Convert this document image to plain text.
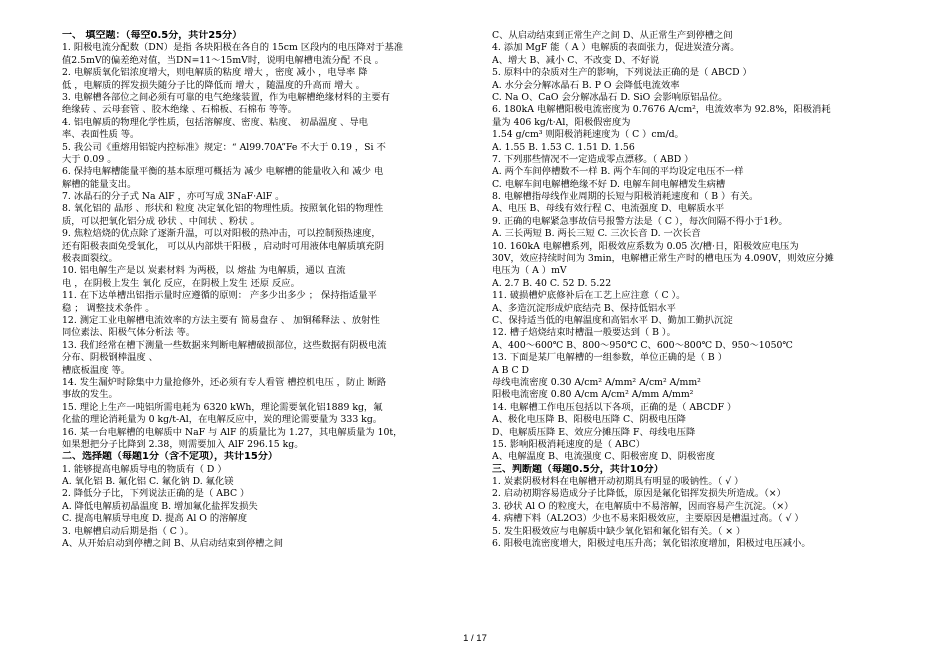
一、 填空题：（每空0.5分，共计25分）
1. 阳极电流分配数（DN）是指 各块阳极在各自的 15cm 区段内的电压降对于基准
值2.5mV的偏差绝对值，当DN=11～15mV时，说明电解槽电流分配 不良 。
2. 电解质氧化铝浓度增大，则电解质的粘度 增大 ，密度 减小 ，电导率 降
低 ，电解质的挥发损失随分子比的降低而 增大 ，随温度的升高而 增大 。
3. 电解槽各部位之间必须有可靠的电气绝缘装置，作为电解槽绝缘材料的主要有
绝缘砖 、云母套管 、胶木绝缘 、石棉板、石棉布 等等。
4. 铝电解质的物理化学性质，包括溶解度、密度、粘度、 初晶温度 、导电
率、表面性质 等。
5. 我公司《重熔用铝锭内控标准》规定：“ Al99.70A”Fe 不大于 0.19 ，Si 不
大于 0.09 。
6. 保持电解槽能量平衡的基本原理可概括为 减少 电解槽的能量收入和 减少 电
解槽的能量支出。
7. 冰晶石的分子式 Na AlF ，亦可写成 3NaF·AlF 。
8. 氧化铝的 晶形 、形状和 粒度 决定氧化铝的物理性质。按照氧化铝的物理性
质，可以把氧化铝分成 砂状 、中间状 、粉状 。
9. 焦粒焙烧的优点除了逐渐升温，可以对阳极的热冲击，可以控制预热速度，
还有阳极表面免受氧化， 可以从内部烘干阳极 ，启动时可用液体电解质填充阴
极表面裂纹。
10. 铝电解生产是以 炭素材料 为两极，以 熔盐 为电解质，通以 直流
电 ，在阴极上发生 氧化 反应，在阴极上发生 还原 反应。
11. 在下达单槽出铝指示量时应遵循的原则： 产多少出多少 ； 保持指适量平
稳 ； 调整技术条件 。
12. 测定工业电解槽电流效率的方法主要有 简易盘存 、 加铜稀释法 、放射性
同位素法、阳极气体分析法 等。
13. 我们经常在槽下测量一些数据来判断电解槽破损部位，这些数据有阴极电流
分布、阴极钢棒温度 、
槽底板温度 等。
14. 发生漏炉时除集中力量抢修外，还必须有专人看管 槽控机电压 ，防止 断路
事故的发生。
15. 理论上生产一吨铝所需电耗为 6320 kWh，理论需要氧化铝1889 kg，氟
化盐的理论消耗量为 0 kg/t-Al，在电解反应中，炭的理论需要量为 333 kg。
16. 某一台电解槽的电解质中 NaF 与 AlF 的质量比为 1.27，其电解质量为 10t，
如果想把分子比降到 2.38，则需要加入 AlF 296.15 kg。
二、选择题（每题1分（含不定项），共计15分）
1. 能够提高电解质导电的物质有（ D ）
A. 氧化铝 B. 氟化铝 C. 氟化钠 D. 氟化镁
2. 降低分子比，下列说法正确的是（ ABC ）
A. 降低电解质初晶温度 B. 增加氟化盐挥发损失
C. 提高电解质导电度 D. 提高 Al O 的溶解度
3. 电解槽启动后期是指（ C ）。
A、从开始启动到停槽之间 B、从启动结束到停槽之间
C、从启动结束到正常生产之间 D、从正常生产到停槽之间
4. 添加 MgF 能（ A ）电解质的表面张力，促进炭渣分离。
A、增大 B、减小 C、不改变 D、不好说
5. 原料中的杂质对生产的影响，下列说法正确的是（ ABCD ）
A. 水分会分解冰晶石 B. P O 会降低电流效率
C. Na O、CaO 会分解冰晶石 D. SiO 会影响原铝品位。
6. 180kA 电解槽阳极电流密度为 0.7676 A/cm²，电流效率为 92.8%，阳极消耗
量为 406 kg/t·Al，阳极假密度为
1.54 g/cm³ 则阳极消耗速度为（ C ）cm/d。
A. 1.55 B. 1.53 C. 1.51 D. 1.56
7. 下列那些情况不一定造成零点漂移。（ ABD ）
A. 两个车间停槽数不一样 B. 两个车间的平均设定电压不一样
C. 电解车间电解槽绝缘不好 D. 电解车间电解槽发生病槽
8. 电解槽指母线作业周期的长短与阳极消耗速度和（ B ）有关。
A、电压 B、母线有效行程 C、电流强度 D、电解质水平
9. 正确的电解紧急事故信号报警方法是（ C ），每次间隔不得小于1秒。
A. 三长两短 B. 两长三短 C. 三次长音 D. 一次长音
10. 160kA 电解槽系列，阳极效应系数为 0.05 次/槽·日，阳极效应电压为
30V，效应持续时间为 3min，电解槽正常生产时的槽电压为 4.090V，则效应分摊
电压为（ A ）mV
A. 2.7 B. 40 C. 52 D. 5.22
11. 破损槽炉底修补后在工艺上应注意（ C ）。
A、多造沉淀形成炉底结壳 B、保持低铝水平
C、保持适当低的电解温度和高铝水平 D、勤加工勤扒沉淀
12. 槽子焙烧结束时槽温一般要达到（ B ）。
A、400～600℃ B、800～950℃ C、600～800℃ D、950～1050℃
13. 下面是某厂电解槽的一组参数，单位正确的是（ B ）
A B C D
母线电流密度 0.30 A/cm² A/mm² A/cm² A/mm²
阳极电流密度 0.80 A/cm A/cm² A/mm A/mm²
14. 电解槽工作电压包括以下各项，正确的是（ ABCDF ）
A、极化电压降 B、阳极电压降 C、阴极电压降
D、电解质压降 E、效应分摊压降 F、母线电压降
15. 影响阳极消耗速度的是（ ABC）
A、电解温度 B、电流强度 C、阳极密度 D、阴极密度
三、判断题（每题0.5分，共计10分）
1. 炭素阴极材料在电解槽开动初期具有明显的吸钠性。（ √ ）
2. 启动初期容易造成分子比降低，原因是氟化铝挥发损失所造成。（×）
3. 砂状 Al O 的粒度大，在电解质中不易溶解，因而容易产生沉淀。（×）
4. 病槽下料（AL2O3）少也不易来阳极效应，主要原因是槽温过高。（ √ ）
5. 发生阳极效应与电解质中缺少氧化铝和氟化铝有关。（ × ）
6. 阳极电流密度增大，阳极过电压升高；氧化铝浓度增加，阳极过电压减小。
1 / 17
